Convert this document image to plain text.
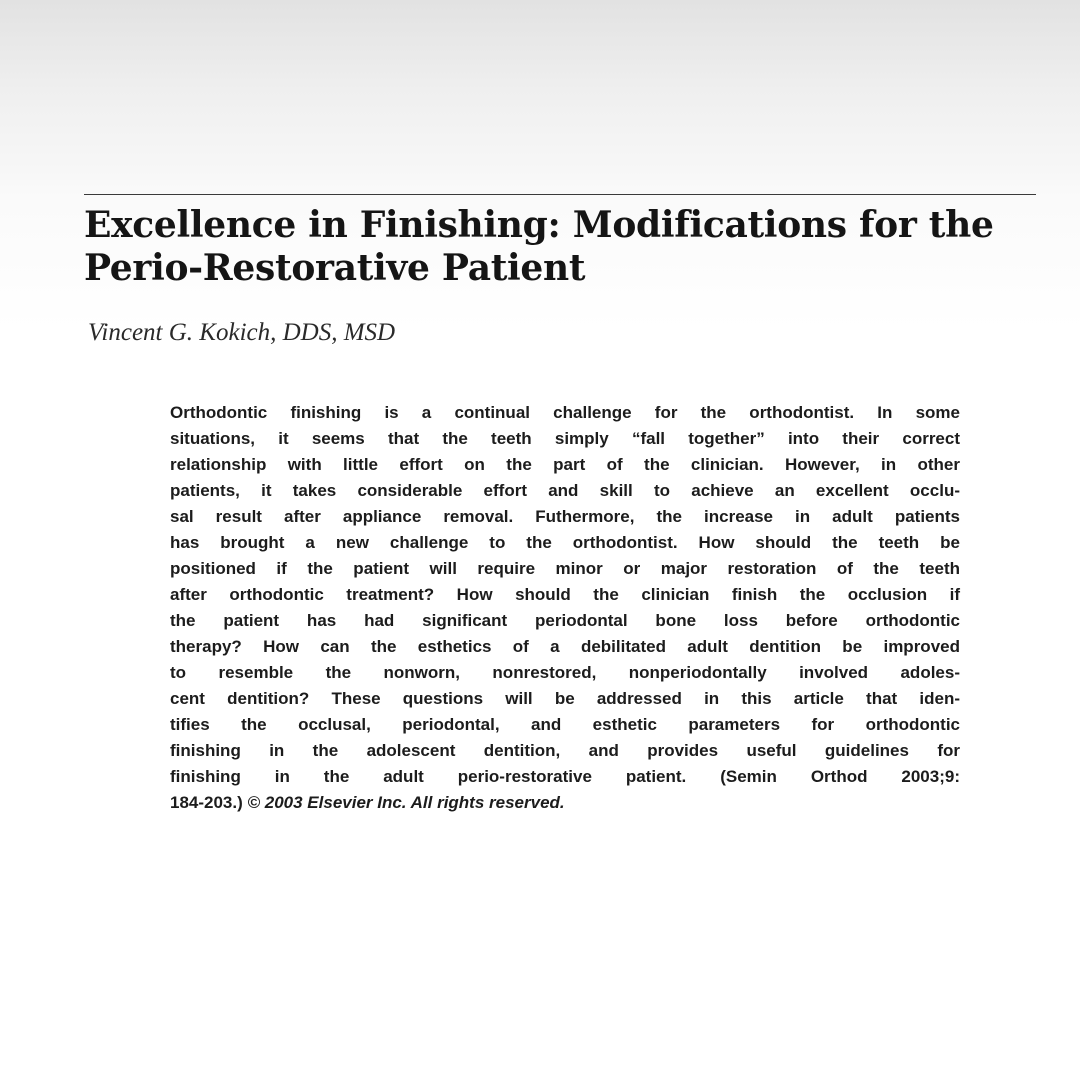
Excellence in Finishing: Modifications for the
Perio-Restorative Patient

Vincent G. Kokich, DDS, MSD

Orthodontic finishing is a continual challenge for the orthodontist. In some
situations, it seems that the teeth simply “fall together” into their correct
relationship with little effort on the part of the clinician. However, in other
patients, it takes considerable effort and skill to achieve an excellent occlu-
sal result after appliance removal. Futhermore, the increase in adult patients
has brought a new challenge to the orthodontist. How should the teeth be
positioned if the patient will require minor or major restoration of the teeth
after orthodontic treatment? How should the clinician finish the occlusion if
the patient has had significant periodontal bone loss before orthodontic
therapy? How can the esthetics of a debilitated adult dentition be improved
to resemble the nonworn, nonrestored, nonperiodontally involved adoles-
cent dentition? These questions will be addressed in this article that iden-
tifies the occlusal, periodontal, and esthetic parameters for orthodontic
finishing in the adolescent dentition, and provides useful guidelines for
finishing in the adult perio-restorative patient. (Semin Orthod 2003;9:
184-203.) © 2003 Elsevier Inc. All rights reserved.
